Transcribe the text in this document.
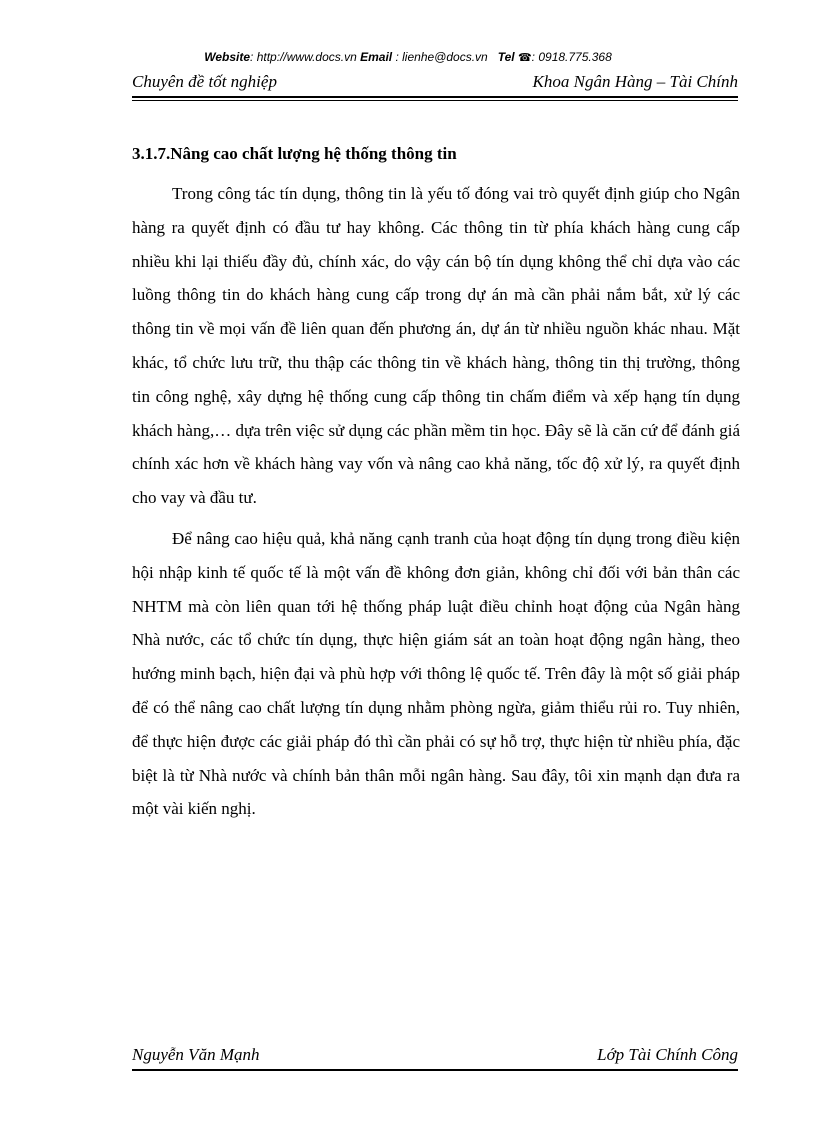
Website: http://www.docs.vn Email : lienhe@docs.vn Tel ☎: 0918.775.368
Chuyên đề tốt nghiệp	Khoa Ngân Hàng – Tài Chính
3.1.7.Nâng cao chất lượng hệ thống thông tin

Trong công tác tín dụng, thông tin là yếu tố đóng vai trò quyết định giúp cho Ngân hàng ra quyết định có đầu tư hay không. Các thông tin từ phía khách hàng cung cấp nhiều khi lại thiếu đầy đủ, chính xác, do vậy cán bộ tín dụng không thể chỉ dựa vào các luồng thông tin do khách hàng cung cấp trong dự án mà cần phải nắm bắt, xử lý các thông tin về mọi vấn đề liên quan đến phương án, dự án từ nhiều nguồn khác nhau. Mặt khác, tổ chức lưu trữ, thu thập các thông tin về khách hàng, thông tin thị trường, thông tin công nghệ, xây dựng hệ thống cung cấp thông tin chấm điểm và xếp hạng tín dụng khách hàng,… dựa trên việc sử dụng các phần mềm tin học. Đây sẽ là căn cứ để đánh giá chính xác hơn về khách hàng vay vốn và nâng cao khả năng, tốc độ xử lý, ra quyết định cho vay và đầu tư.

Để nâng cao hiệu quả, khả năng cạnh tranh của hoạt động tín dụng trong điều kiện hội nhập kinh tế quốc tế là một vấn đề không đơn giản, không chỉ đối với bản thân các NHTM mà còn liên quan tới hệ thống pháp luật điều chỉnh hoạt động của Ngân hàng Nhà nước, các tổ chức tín dụng, thực hiện giám sát an toàn hoạt động ngân hàng, theo hướng minh bạch, hiện đại và phù hợp với thông lệ quốc tế. Trên đây là một số giải pháp để có thể nâng cao chất lượng tín dụng nhằm phòng ngừa, giảm thiểu rủi ro. Tuy nhiên, để thực hiện được các giải pháp đó thì cần phải có sự hỗ trợ, thực hiện từ nhiều phía, đặc biệt là từ Nhà nước và chính bản thân mỗi ngân hàng. Sau đây, tôi xin mạnh dạn đưa ra một vài kiến nghị.

Nguyễn Văn Mạnh	Lớp Tài Chính Công
